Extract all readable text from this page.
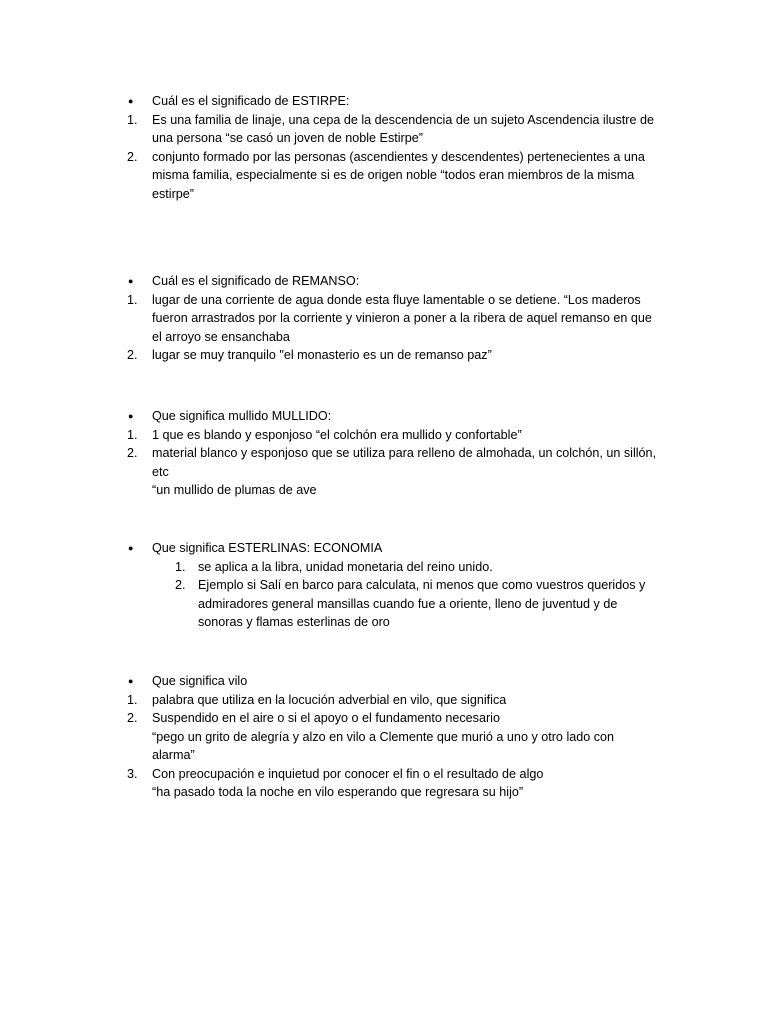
● Cuál es el significado de ESTIRPE:
1. Es una familia de linaje, una cepa de la descendencia de un sujeto Ascendencia ilustre de
una persona “se casó un joven de noble Estirpe”
2. conjunto formado por las personas (ascendientes y descendentes) pertenecientes a una
misma familia, especialmente si es de origen noble “todos eran miembros de la misma
estirpe”
● Cuál es el significado de REMANSO:
1. lugar de una corriente de agua donde esta fluye lamentable o se detiene. “Los maderos
fueron arrastrados por la corriente y vinieron a poner a la ribera de aquel remanso en que
el arroyo se ensanchaba
2. lugar se muy tranquilo "el monasterio es un de remanso paz”
● Que significa mullido MULLIDO:
1. 1 que es blando y esponjoso “el colchón era mullido y confortable”
2. material blanco y esponjoso que se utiliza para relleno de almohada, un colchón, un sillón,
etc
“un mullido de plumas de ave
● Que significa ESTERLINAS: ECONOMIA
1. se aplica a la libra, unidad monetaria del reino unido.
2. Ejemplo si Salí en barco para calculata, ni menos que como vuestros queridos y
admiradores general mansillas cuando fue a oriente, lleno de juventud y de
sonoras y flamas esterlinas de oro
● Que significa vilo
1. palabra que utiliza en la locución adverbial en vilo, que significa
2. Suspendido en el aire o si el apoyo o el fundamento necesario
“pego un grito de alegría y alzo en vilo a Clemente que murió a uno y otro lado con
alarma”
3. Con preocupación e inquietud por conocer el fin o el resultado de algo
“ha pasado toda la noche en vilo esperando que regresara su hijo”
